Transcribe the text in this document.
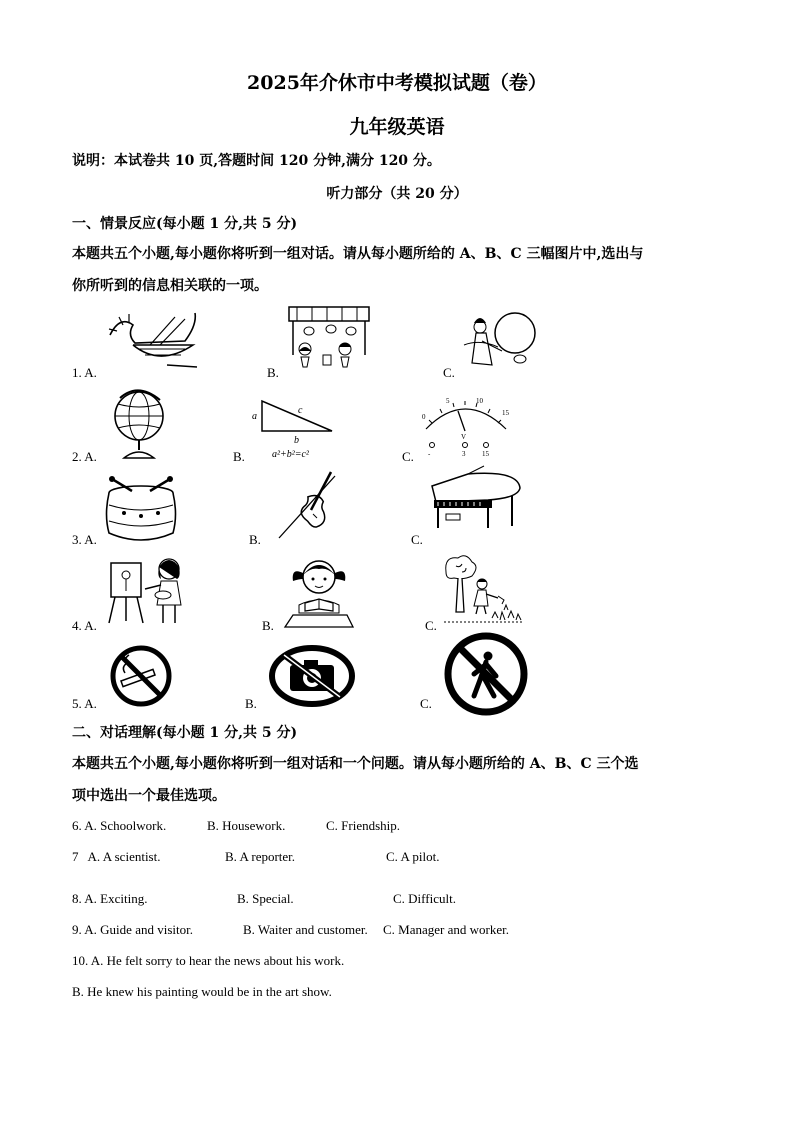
2025年介休市中考模拟试题（卷）
九年级英语
说明：本试卷共 10 页,答题时间 120 分钟,满分 120 分。
听力部分（共 20 分）
一、情景反应(每小题 1 分,共 5 分)
本题共五个小题,每小题你将听到一组对话。请从每小题所给的 A、B、C 三幅图片中,选出与
你所听到的信息相关联的一项。
1. A.	B.	C.
2. A.	B.	C.
a
c
b
a²+b²=c²
0
5	10
15
V
-	3 15
3. A.	B.	C.
4. A.	B.	C.
5. A.	B.	C.
二、对话理解(每小题 1 分,共 5 分)
本题共五个小题,每小题你将听到一组对话和一个问题。请从每小题所给的 A、B、C 三个选
项中选出一个最佳选项。
6. A. Schoolwork.	B. Housework.	C. Friendship.
7   A. A scientist.	B. A reporter.	C. A pilot.
8. A. Exciting.	B. Special.	C. Difficult.
9. A. Guide and visitor.	B. Waiter and customer. C. Manager and worker.
10. A. He felt sorry to hear the news about his work.
B. He knew his painting would be in the art show.
